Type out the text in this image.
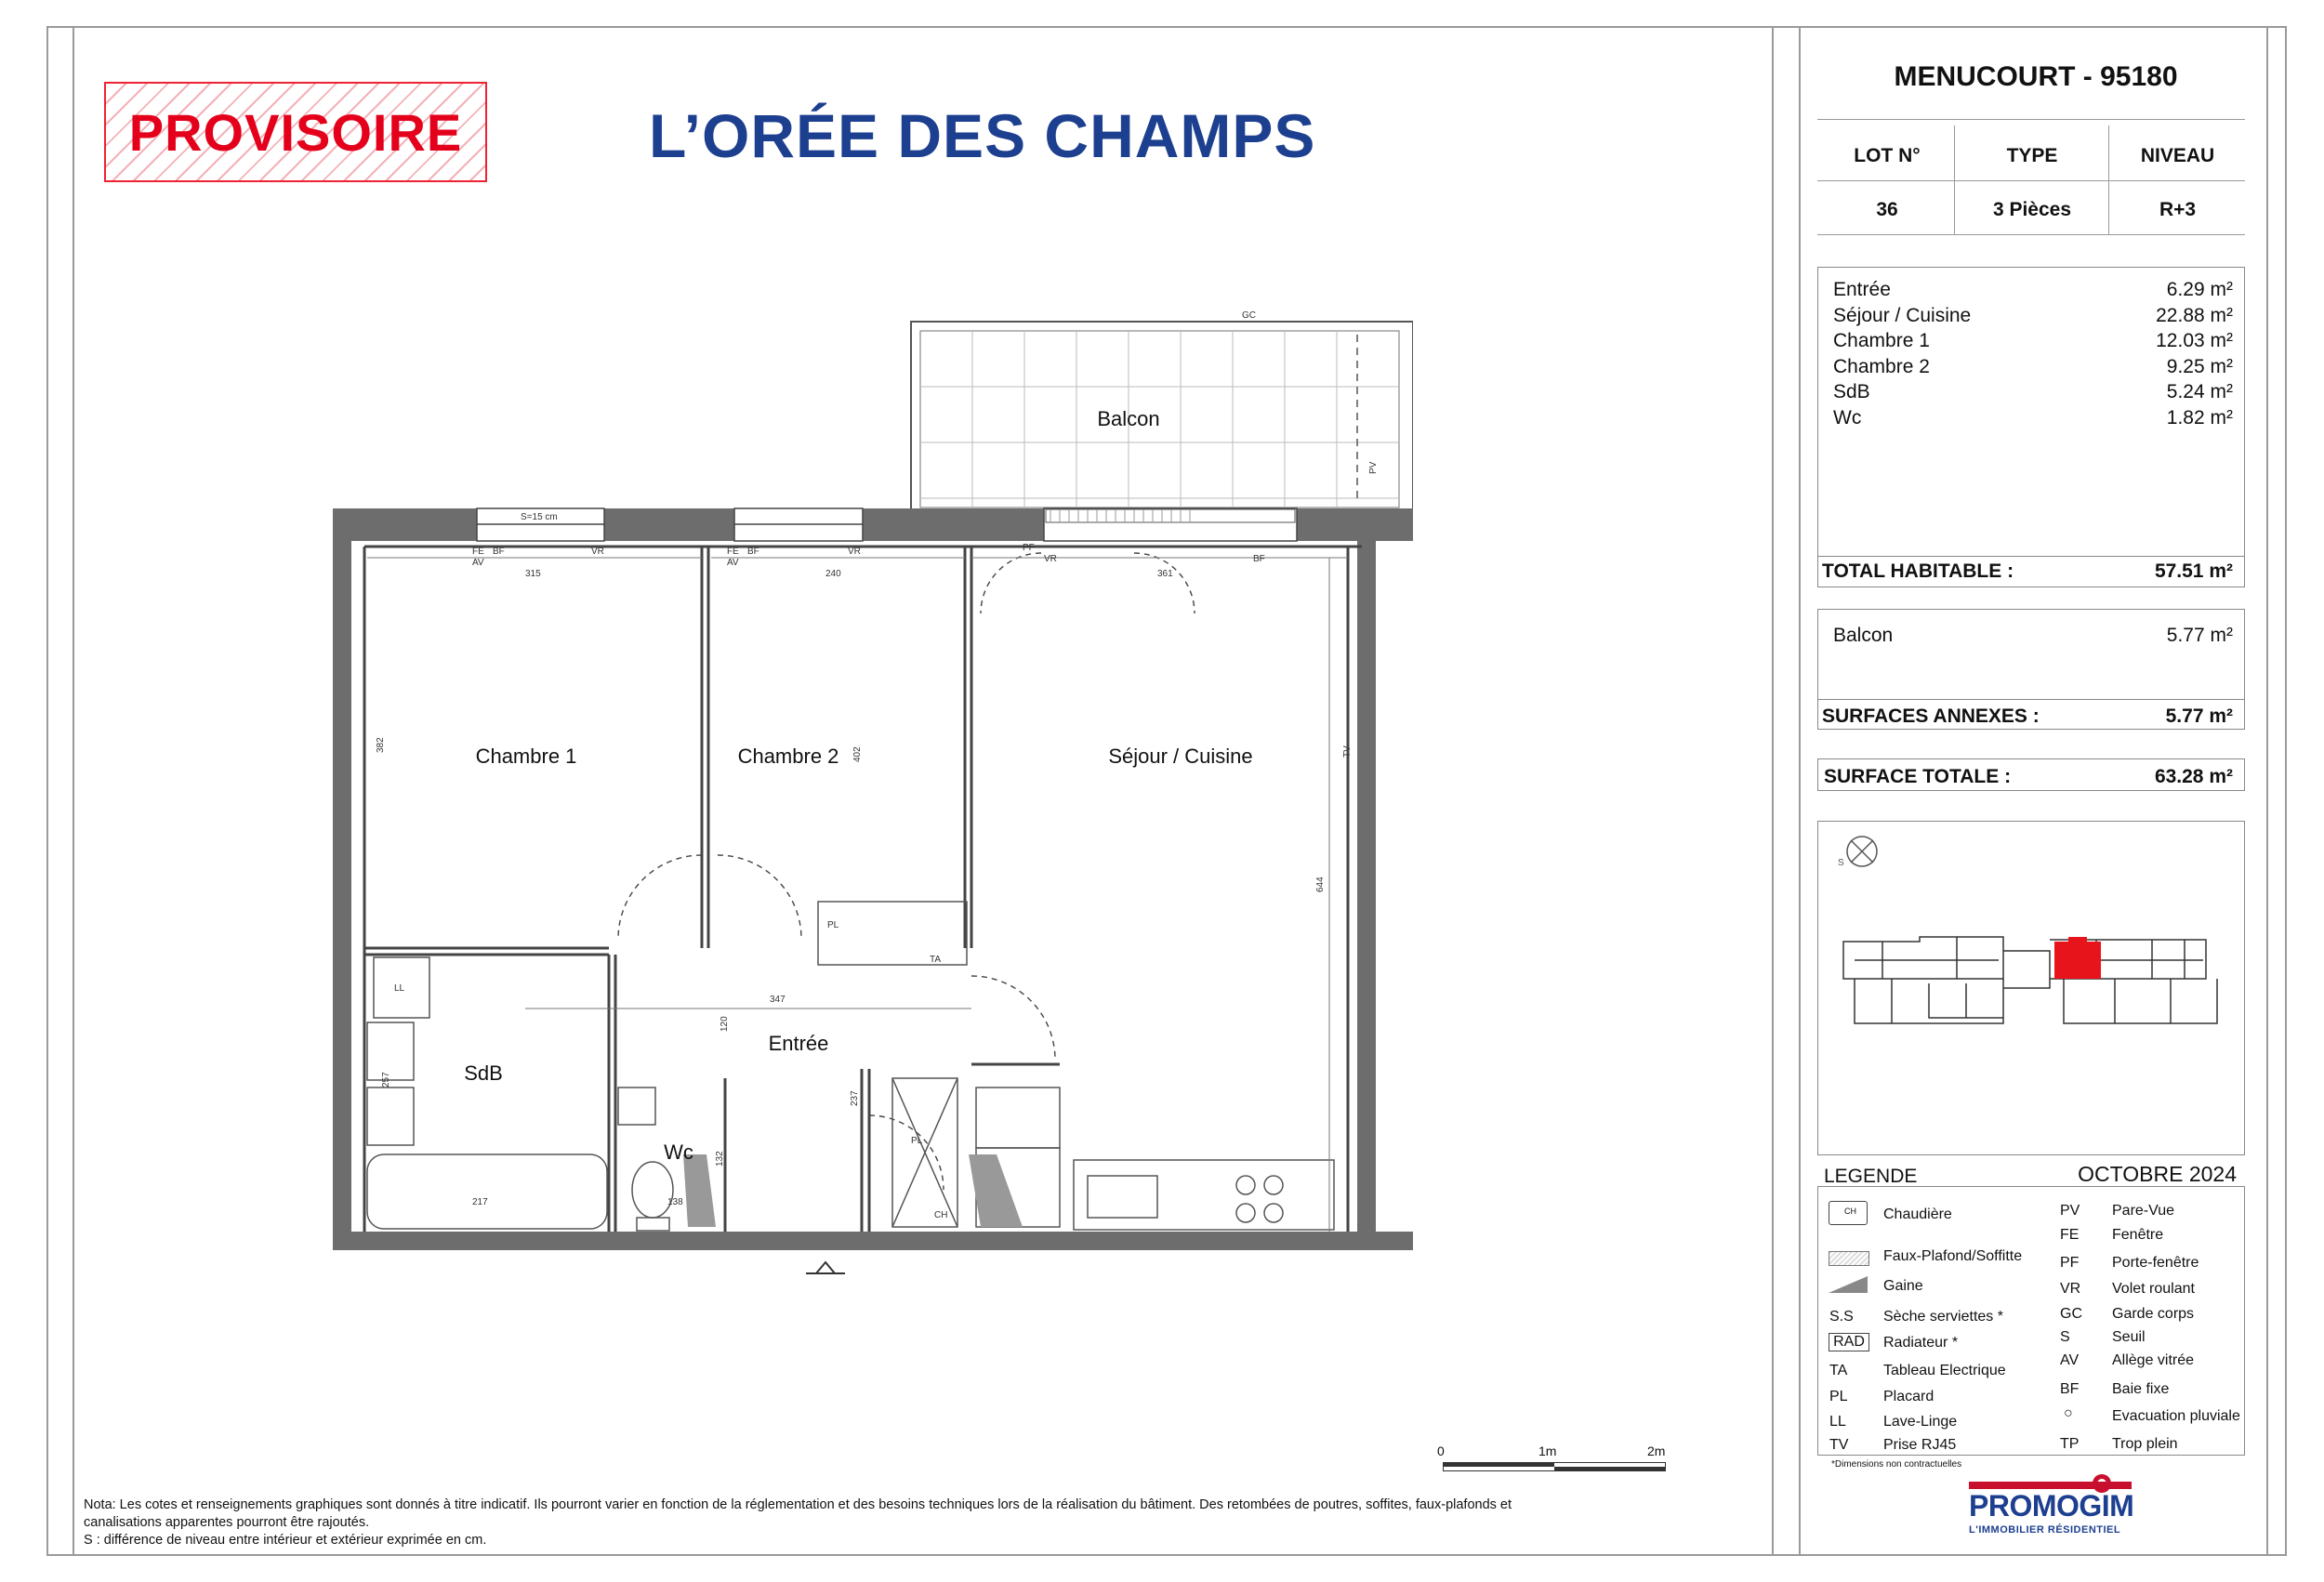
PROVISOIRE	L’ORÉE DES CHAMPS
MENUCOURT - 95180
LOT N°	TYPE	NIVEAU
36	3 Pièces	R+3
Entrée	6.29 m²
Séjour / Cuisine	22.88 m²
Chambre 1	12.03 m²
Chambre 2	9.25 m²
SdB	5.24 m²
Wc	1.82 m²
TOTAL HABITABLE :	57.51 m²
Balcon	5.77 m²
SURFACES ANNEXES :	5.77 m²
SURFACE TOTALE :	63.28 m²
S
LEGENDE	OCTOBRE 2024
CH Chaudière
Faux-Plafond/Soffitte
Gaine
S.S Sèche serviettes *
RAD	Radiateur *
TA Tableau Electrique
PL Placard
LL	Lave-Linge
TV Prise RJ45
PV Pare-Vue
FE Fenêtre
PF Porte-fenêtre
VR Volet roulant
GC Garde corps
S	Seuil
AV Allège vitrée
BF Baie fixe
○	Evacuation pluviale
TP Trop plein
*Dimensions non contractuelles
PROMOGIM
L'IMMOBILIER RÉSIDENTIEL
Chambre 1	Chambre 2	Séjour / Cuisine
Balcon
Entrée
SdB
Wc
GC
S=15 cm
FE BF
AV
VR	FE BF
AV
VR	PF
VR	BF
315	240	361
347
217	138
PL
TA
LL
PL
CH
382
402
644
120
237
257
132
TV
PV
0	1m	2m
Nota: Les cotes et renseignements graphiques sont donnés à titre indicatif. Ils pourront varier en fonction de la réglementation et des besoins techniques lors de la réalisation du bâtiment. Des retombées de poutres, soffites, faux-plafonds et
canalisations apparentes pourront être rajoutés.
S : différence de niveau entre intérieur et extérieur exprimée en cm.
